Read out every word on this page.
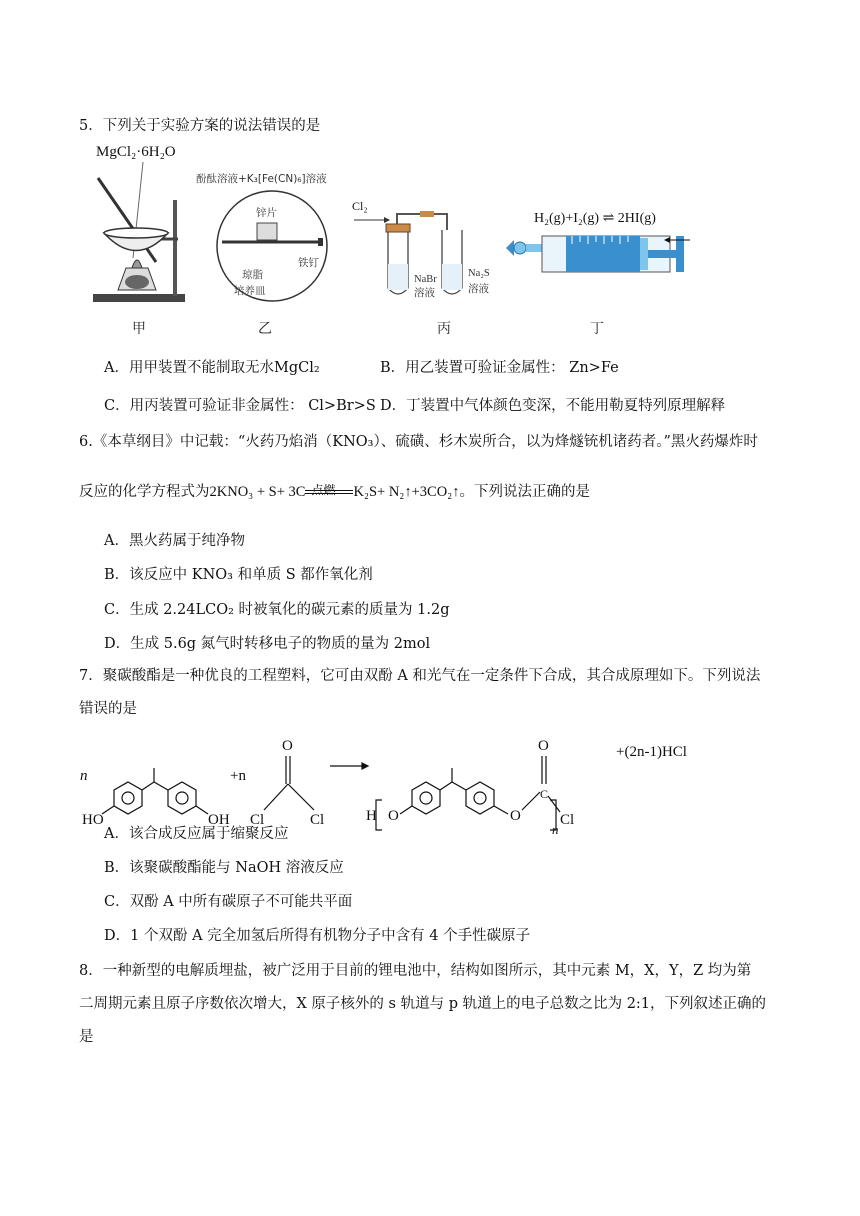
5．下列关于实验方案的说法错误的是
MgCl₂·6H₂O
酚酞溶液+K₃[Fe(CN)₆]溶液
锌片
铁钉
琼脂
培养皿
Cl₂
NaBr
溶液
Na₂S
溶液
H₂(g)+I₂(g) ⇌ 2HI(g)
甲	乙	丙	丁
A．用甲装置不能制取无水MgCl₂	B．用乙装置可验证金属性： Zn>Fe
C．用丙装置可验证非金属性： Cl>Br>S D．丁装置中气体颜色变深，不能用勒夏特列原理解释
6.《本草纲目》中记载：“火药乃焰消（KNO₃）、硫磺、杉木炭所合，以为烽燧铳机诸药者。”黑火药爆炸时
反应的化学方程式为2KNO₃ + S+ 3C 点燃 K₂S+ N₂↑+3CO₂↑。下列说法正确的是
A．黑火药属于纯净物
B．该反应中 KNO₃ 和单质 S 都作氧化剂
C．生成 2.24LCO₂ 时被氧化的碳元素的质量为 1.2g
D．生成 5.6g 氮气时转移电子的物质的量为 2mol
7．聚碳酸酯是一种优良的工程塑料，它可由双酚 A 和光气在一定条件下合成，其合成原理如下。下列说法
错误的是
n
HO	OH
+n
O
Cl	Cl	H O	O
O
C
Cl
n
+(2n-1)HCl
A．该合成反应属于缩聚反应
B．该聚碳酸酯能与 NaOH 溶液反应
C．双酚 A 中所有碳原子不可能共平面
D．1 个双酚 A 完全加氢后所得有机物分子中含有 4 个手性碳原子
8．一种新型的电解质埋盐，被广泛用于目前的锂电池中，结构如图所示，其中元素 M，X，Y，Z 均为第
二周期元素且原子序数依次增大，X 原子核外的 s 轨道与 p 轨道上的电子总数之比为 2:1，下列叙述正确的
是
